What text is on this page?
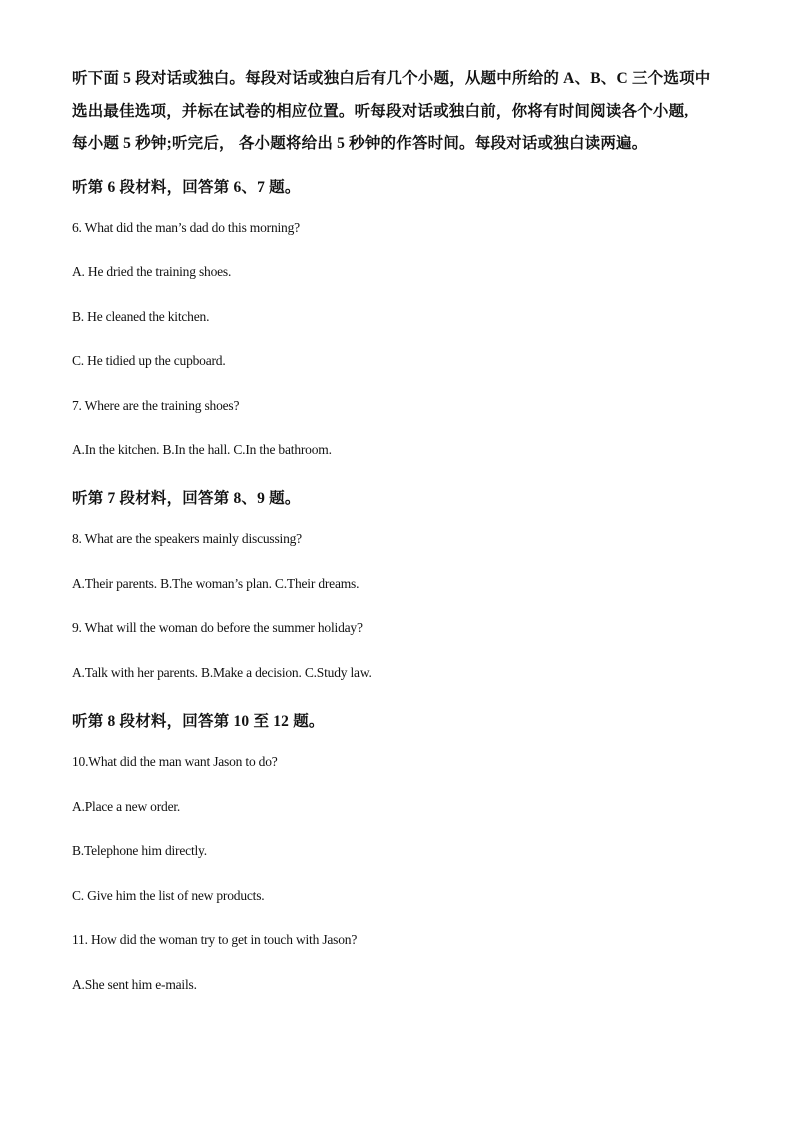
听下面 5 段对话或独白。每段对话或独白后有几个小题，从题中所给的 A、B、C 三个选项中

选出最佳选项，并标在试卷的相应位置。听每段对话或独白前，你将有时间阅读各个小题,

每小题 5 秒钟;听完后， 各小题将给出 5 秒钟的作答时间。每段对话或独白读两遍。

听第 6 段材料，回答第 6、7 题。

6. What did the man’s dad do this morning?

A. He dried the training shoes.

B. He cleaned the kitchen.

C. He tidied up the cupboard.

7. Where are the training shoes?

A.In the kitchen. B.In the hall. C.In the bathroom.

听第 7 段材料，回答第 8、9 题。

8. What are the speakers mainly discussing?

A.Their parents. B.The woman’s plan. C.Their dreams.

9. What will the woman do before the summer holiday?

A.Talk with her parents. B.Make a decision. C.Study law.

听第 8 段材料，回答第 10 至 12 题。

10.What did the man want Jason to do?

A.Place a new order.

B.Telephone him directly.

C. Give him the list of new products.

11. How did the woman try to get in touch with Jason?

A.She sent him e-mails.
